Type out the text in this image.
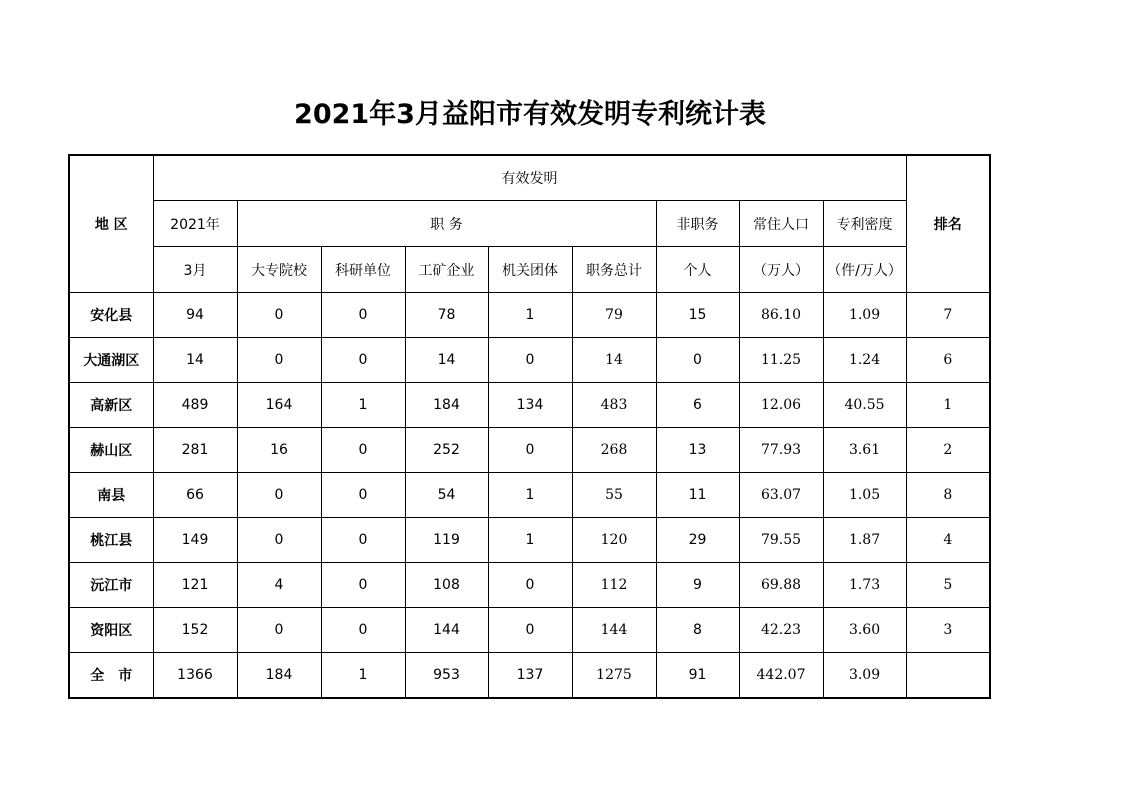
2021年3月益阳市有效发明专利统计表
地 区	有效发明									排名
	2021年	职 务					非职务	常住人口	专利密度	
	3月	大专院校	科研单位	工矿企业	机关团体	职务总计	个人	（万人）	（件/万人）	
安化县	94	0	0	78	1	79	15	86.10	1.09	7
大通湖区	14	0	0	14	0	14	0	11.25	1.24	6
高新区	489	164	1	184	134	483	6	12.06	40.55	1
赫山区	281	16	0	252	0	268	13	77.93	3.61	2
南县	66	0	0	54	1	55	11	63.07	1.05	8
桃江县	149	0	0	119	1	120	29	79.55	1.87	4
沅江市	121	4	0	108	0	112	9	69.88	1.73	5
资阳区	152	0	0	144	0	144	8	42.23	3.60	3
全　市	1366	184	1	953	137	1275	91	442.07	3.09	
